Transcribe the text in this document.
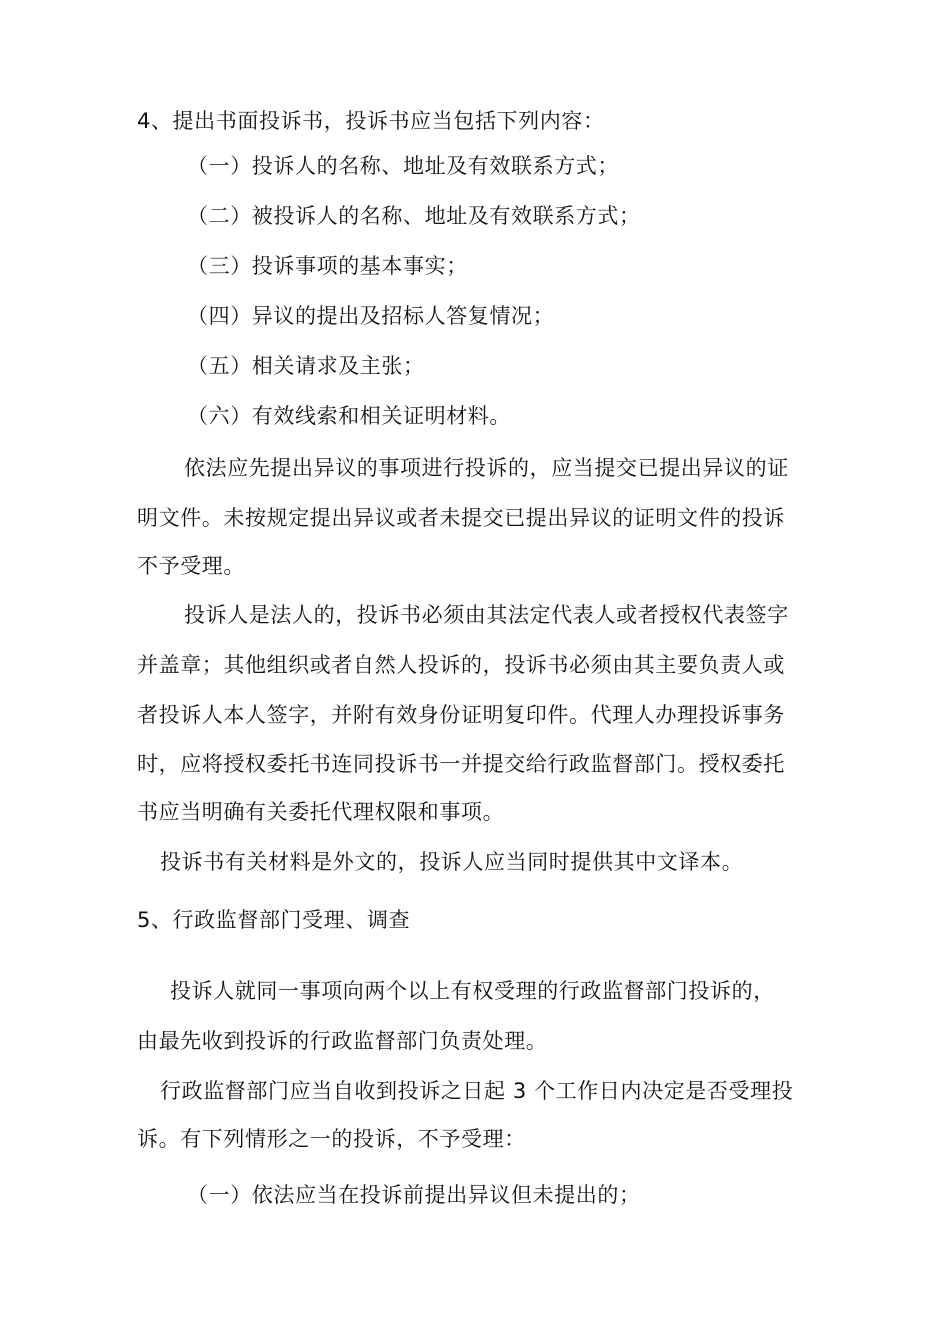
4、提出书面投诉书，投诉书应当包括下列内容：
（一）投诉人的名称、地址及有效联系方式；
（二）被投诉人的名称、地址及有效联系方式；
（三）投诉事项的基本事实；
（四）异议的提出及招标人答复情况；
（五）相关请求及主张；
（六）有效线索和相关证明材料。
依法应先提出异议的事项进行投诉的，应当提交已提出异议的证
明文件。未按规定提出异议或者未提交已提出异议的证明文件的投诉
不予受理。
投诉人是法人的，投诉书必须由其法定代表人或者授权代表签字
并盖章；其他组织或者自然人投诉的，投诉书必须由其主要负责人或
者投诉人本人签字，并附有效身份证明复印件。代理人办理投诉事务
时，应将授权委托书连同投诉书一并提交给行政监督部门。授权委托
书应当明确有关委托代理权限和事项。
投诉书有关材料是外文的，投诉人应当同时提供其中文译本。
5、行政监督部门受理、调查
投诉人就同一事项向两个以上有权受理的行政监督部门投诉的，
由最先收到投诉的行政监督部门负责处理。
行政监督部门应当自收到投诉之日起 3 个工作日内决定是否受理投
诉。有下列情形之一的投诉，不予受理：
（一）依法应当在投诉前提出异议但未提出的；
